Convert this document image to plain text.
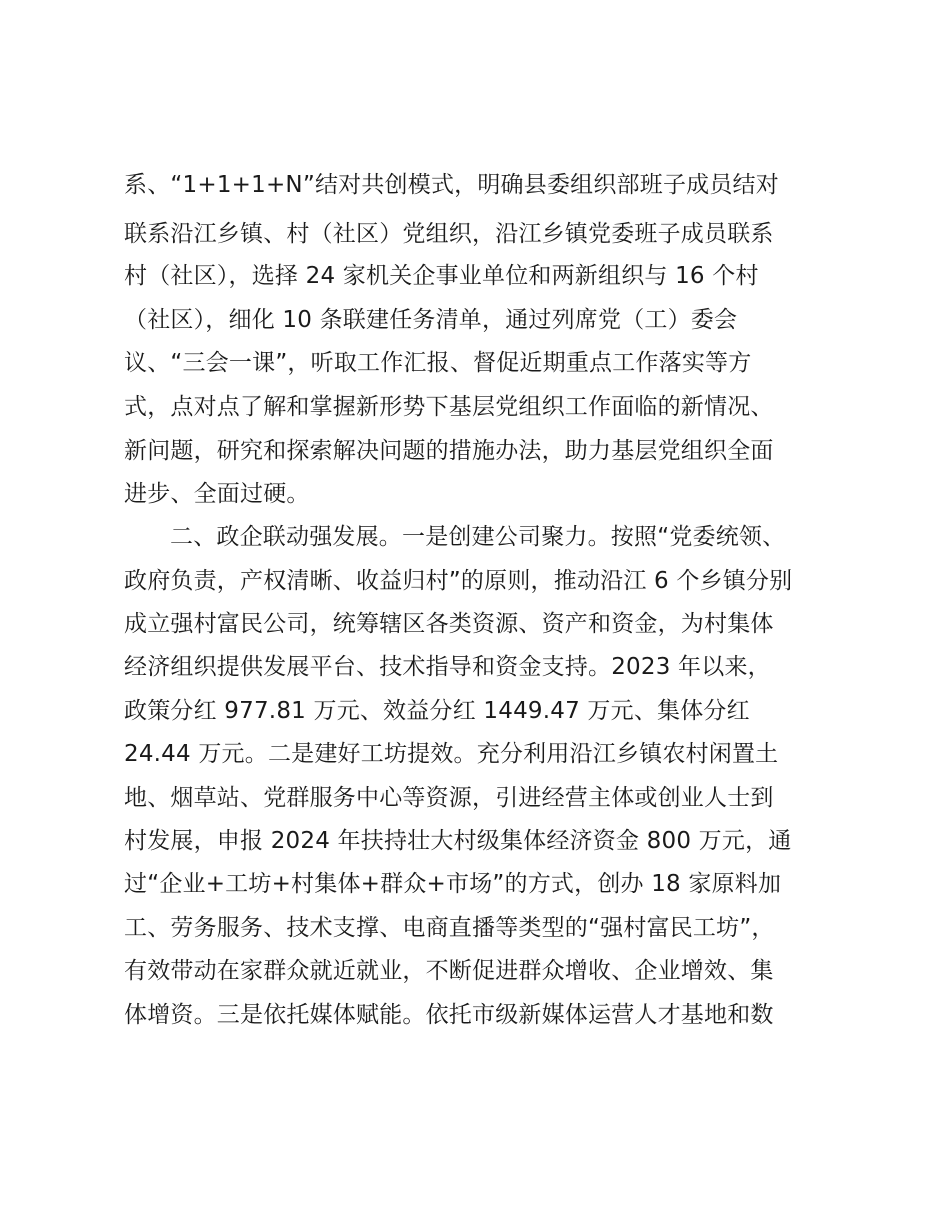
系、“1+1+1+N”结对共创模式，明确县委组织部班子成员结对
联系沿江乡镇、村（社区）党组织，沿江乡镇党委班子成员联系
村（社区），选择 24 家机关企事业单位和两新组织与 16 个村
（社区），细化 10 条联建任务清单，通过列席党（工）委会
议、“三会一课”，听取工作汇报、督促近期重点工作落实等方
式，点对点了解和掌握新形势下基层党组织工作面临的新情况、
新问题，研究和探索解决问题的措施办法，助力基层党组织全面
进步、全面过硬。
二、政企联动强发展。一是创建公司聚力。按照“党委统领、
政府负责，产权清晰、收益归村”的原则，推动沿江 6 个乡镇分别
成立强村富民公司，统筹辖区各类资源、资产和资金，为村集体
经济组织提供发展平台、技术指导和资金支持。2023 年以来，
政策分红 977.81 万元、效益分红 1449.47 万元、集体分红
24.44 万元。二是建好工坊提效。充分利用沿江乡镇农村闲置土
地、烟草站、党群服务中心等资源，引进经营主体或创业人士到
村发展，申报 2024 年扶持壮大村级集体经济资金 800 万元，通
过“企业+工坊+村集体+群众+市场”的方式，创办 18 家原料加
工、劳务服务、技术支撑、电商直播等类型的“强村富民工坊”，
有效带动在家群众就近就业，不断促进群众增收、企业增效、集
体增资。三是依托媒体赋能。依托市级新媒体运营人才基地和数
